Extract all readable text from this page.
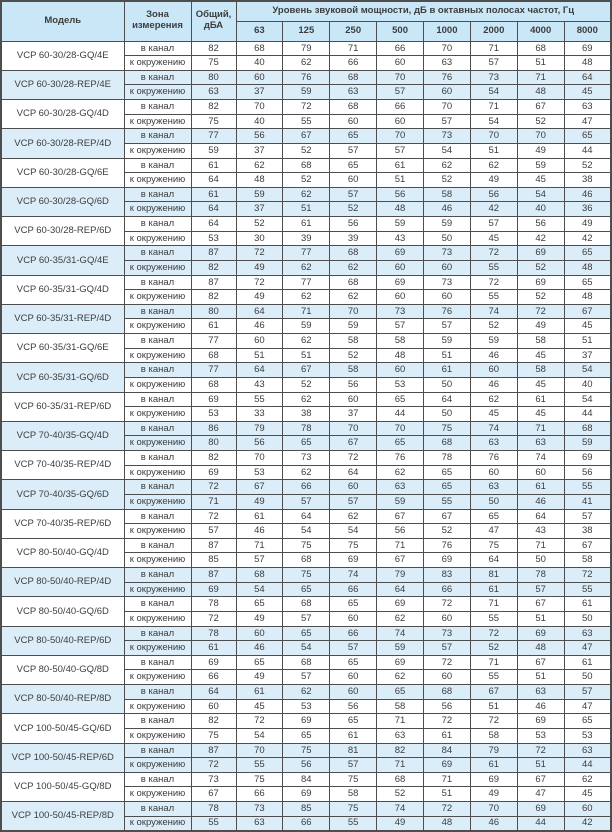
Модель	Зона измерения	Общий, дБА	Уровень звуковой мощности, дБ в октавных полосах частот, Гц							
			63	125	250	500	1000	2000	4000	8000
VCP 60-30/28-GQ/4E	в канал	82	68	79	71	66	70	71	68	69
	к окружению	75	40	62	66	60	63	57	51	48
VCP 60-30/28-REP/4E	в канал	80	60	76	68	70	76	73	71	64
	к окружению	63	37	59	63	57	60	54	48	45
VCP 60-30/28-GQ/4D	в канал	82	70	72	68	66	70	71	67	63
	к окружению	75	40	55	60	60	57	54	52	47
VCP 60-30/28-REP/4D	в канал	77	56	67	65	70	73	70	70	65
	к окружению	59	37	52	57	57	54	51	49	44
VCP 60-30/28-GQ/6E	в канал	61	62	68	65	61	62	62	59	52
	к окружению	64	48	52	60	51	52	49	45	38
VCP 60-30/28-GQ/6D	в канал	61	59	62	57	56	58	56	54	46
	к окружению	64	37	51	52	48	46	42	40	36
VCP 60-30/28-REP/6D	в канал	64	52	61	56	59	59	57	56	49
	к окружению	53	30	39	39	43	50	45	42	42
VCP 60-35/31-GQ/4E	в канал	87	72	77	68	69	73	72	69	65
	к окружению	82	49	62	62	60	60	55	52	48
VCP 60-35/31-GQ/4D	в канал	87	72	77	68	69	73	72	69	65
	к окружению	82	49	62	62	60	60	55	52	48
VCP 60-35/31-REP/4D	в канал	80	64	71	70	73	76	74	72	67
	к окружению	61	46	59	59	57	57	52	49	45
VCP 60-35/31-GQ/6E	в канал	77	60	62	58	58	59	59	58	51
	к окружению	68	51	51	52	48	51	46	45	37
VCP 60-35/31-GQ/6D	в канал	77	64	67	58	60	61	60	58	54
	к окружению	68	43	52	56	53	50	46	45	40
VCP 60-35/31-REP/6D	в канал	69	55	62	60	65	64	62	61	54
	к окружению	53	33	38	37	44	50	45	45	44
VCP 70-40/35-GQ/4D	в канал	86	79	78	70	70	75	74	71	68
	к окружению	80	56	65	67	65	68	63	63	59
VCP 70-40/35-REP/4D	в канал	82	70	73	72	76	78	76	74	69
	к окружению	69	53	62	64	62	65	60	60	56
VCP 70-40/35-GQ/6D	в канал	72	67	66	60	63	65	63	61	55
	к окружению	71	49	57	57	59	55	50	46	41
VCP 70-40/35-REP/6D	в канал	72	61	64	62	67	67	65	64	57
	к окружению	57	46	54	54	56	52	47	43	38
VCP 80-50/40-GQ/4D	в канал	87	71	75	75	71	76	75	71	67
	к окружению	85	57	68	69	67	69	64	50	58
VCP 80-50/40-REP/4D	в канал	87	68	75	74	79	83	81	78	72
	к окружению	69	54	65	66	64	66	61	57	55
VCP 80-50/40-GQ/6D	в канал	78	65	68	65	69	72	71	67	61
	к окружению	72	49	57	60	62	60	55	51	50
VCP 80-50/40-REP/6D	в канал	78	60	65	66	74	73	72	69	63
	к окружению	61	46	54	57	59	57	52	48	47
VCP 80-50/40-GQ/8D	в канал	69	65	68	65	69	72	71	67	61
	к окружению	66	49	57	60	62	60	55	51	50
VCP 80-50/40-REP/8D	в канал	64	61	62	60	65	68	67	63	57
	к окружению	60	45	53	56	58	56	51	46	47
VCP 100-50/45-GQ/6D	в канал	82	72	69	65	71	72	72	69	65
	к окружению	75	54	65	61	63	61	58	53	53
VCP 100-50/45-REP/6D	в канал	87	70	75	81	82	84	79	72	63
	к окружению	72	55	56	57	71	69	61	51	44
VCP 100-50/45-GQ/8D	в канал	73	75	84	75	68	71	69	67	62
	к окружению	67	66	69	58	52	51	49	47	45
VCP 100-50/45-REP/8D	в канал	78	73	85	75	74	72	70	69	60
	к окружению	55	63	66	55	49	48	46	44	42
